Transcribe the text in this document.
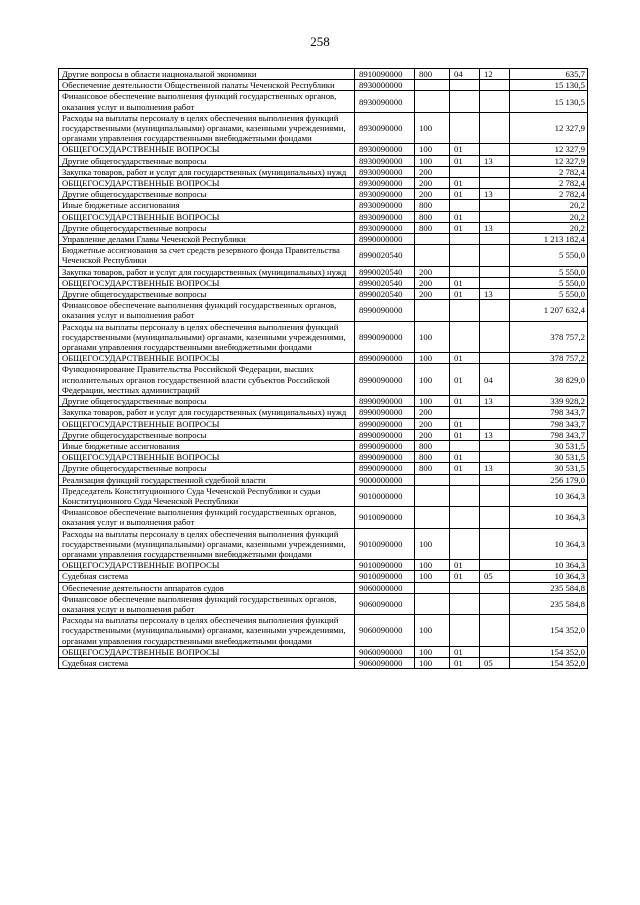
258
Другие вопросы в области национальной экономики	8910090000	800	04	12	635,7
Обеспечение деятельности Общественной палаты Чеченской Республики	8930000000				15 130,5
Финансовое обеспечение выполнения функций государственных органов, оказания услуг и выполнения работ	8930090000				15 130,5
Расходы на выплаты персоналу в целях обеспечения выполнения функций государственными (муниципальными) органами, казенными учреждениями, органами управления государственными внебюджетными фондами	8930090000	100			12 327,9
ОБЩЕГОСУДАРСТВЕННЫЕ ВОПРОСЫ	8930090000	100	01		12 327,9
Другие общегосударственные вопросы	8930090000	100	01	13	12 327,9
Закупка товаров, работ и услуг для государственных (муниципальных) нужд	8930090000	200			2 782,4
ОБЩЕГОСУДАРСТВЕННЫЕ ВОПРОСЫ	8930090000	200	01		2 782,4
Другие общегосударственные вопросы	8930090000	200	01	13	2 782,4
Иные бюджетные ассигнования	8930090000	800			20,2
ОБЩЕГОСУДАРСТВЕННЫЕ ВОПРОСЫ	8930090000	800	01		20,2
Другие общегосударственные вопросы	8930090000	800	01	13	20,2
Управление делами Главы Чеченской Республики	8990000000				1 213 182,4
Бюджетные ассигнования за счет средств резервного фонда Правительства Чеченской Республики	8990020540				5 550,0
Закупка товаров, работ и услуг для государственных (муниципальных) нужд	8990020540	200			5 550,0
ОБЩЕГОСУДАРСТВЕННЫЕ ВОПРОСЫ	8990020540	200	01		5 550,0
Другие общегосударственные вопросы	8990020540	200	01	13	5 550,0
Финансовое обеспечение выполнения функций государственных органов, оказания услуг и выполнения работ	8990090000				1 207 632,4
Расходы на выплаты персоналу в целях обеспечения выполнения функций государственными (муниципальными) органами, казенными учреждениями, органами управления государственными внебюджетными фондами	8990090000	100			378 757,2
ОБЩЕГОСУДАРСТВЕННЫЕ ВОПРОСЫ	8990090000	100	01		378 757,2
Функционирование Правительства Российской Федерации, высших исполнительных органов государственной власти субъектов Российской Федерации, местных администраций	8990090000	100	01	04	38 829,0
Другие общегосударственные вопросы	8990090000	100	01	13	339 928,2
Закупка товаров, работ и услуг для государственных (муниципальных) нужд	8990090000	200			798 343,7
ОБЩЕГОСУДАРСТВЕННЫЕ ВОПРОСЫ	8990090000	200	01		798 343,7
Другие общегосударственные вопросы	8990090000	200	01	13	798 343,7
Иные бюджетные ассигнования	8990090000	800			30 531,5
ОБЩЕГОСУДАРСТВЕННЫЕ ВОПРОСЫ	8990090000	800	01		30 531,5
Другие общегосударственные вопросы	8990090000	800	01	13	30 531,5
Реализация функций государственной судебной власти	9000000000				256 179,0
Председатель Конституционного Суда Чеченской Республики и судьи Конституционного Суда Чеченской Республики	9010000000				10 364,3
Финансовое обеспечение выполнения функций государственных органов, оказания услуг и выполнения работ	9010090000				10 364,3
Расходы на выплаты персоналу в целях обеспечения выполнения функций государственными (муниципальными) органами, казенными учреждениями, органами управления государственными внебюджетными фондами	9010090000	100			10 364,3
ОБЩЕГОСУДАРСТВЕННЫЕ ВОПРОСЫ	9010090000	100	01		10 364,3
Судебная система	9010090000	100	01	05	10 364,3
Обеспечение деятельности аппаратов судов	9060000000				235 584,8
Финансовое обеспечение выполнения функций государственных органов, оказания услуг и выполнения работ	9060090000				235 584,8
Расходы на выплаты персоналу в целях обеспечения выполнения функций государственными (муниципальными) органами, казенными учреждениями, органами управления государственными внебюджетными фондами	9060090000	100			154 352,0
ОБЩЕГОСУДАРСТВЕННЫЕ ВОПРОСЫ	9060090000	100	01		154 352,0
Судебная система	9060090000	100	01	05	154 352,0
